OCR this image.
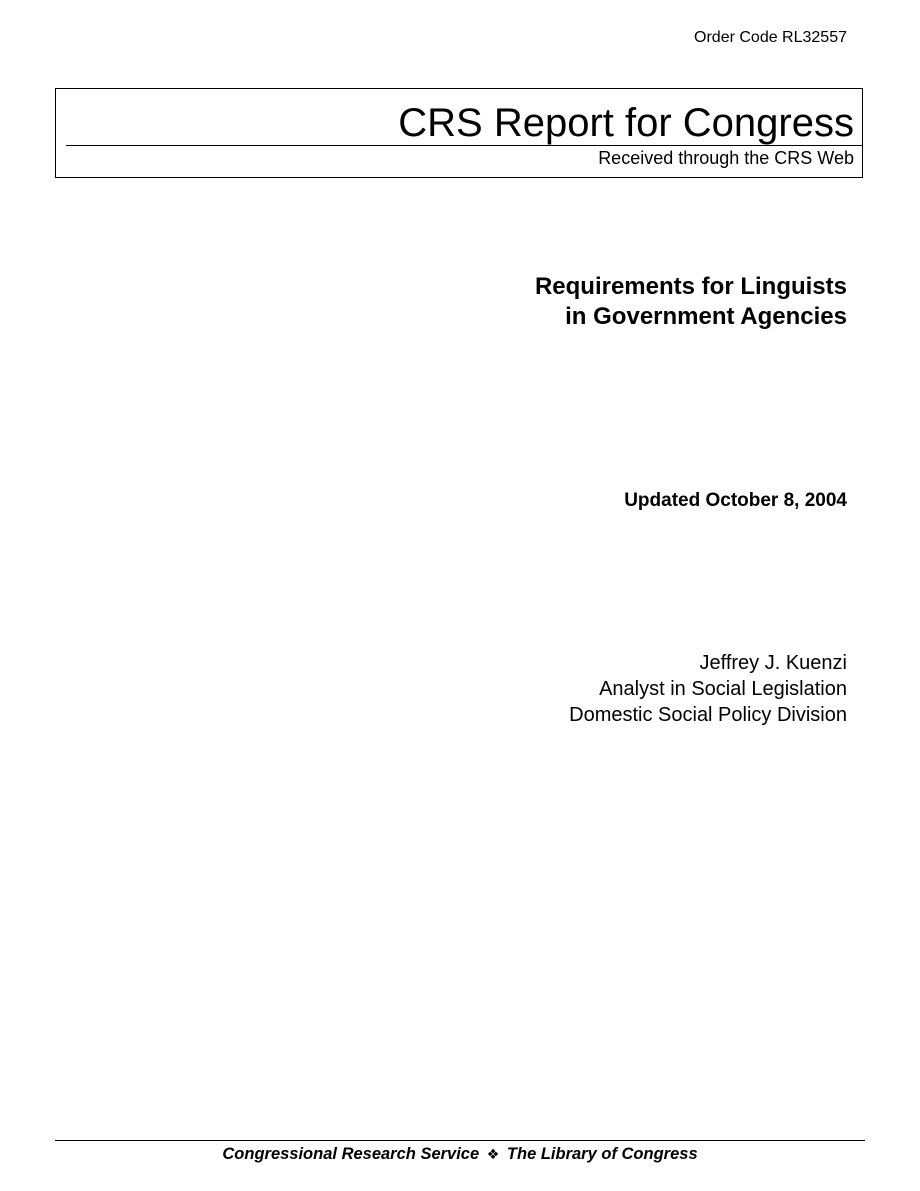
Order Code RL32557
CRS Report for Congress
Received through the CRS Web
Requirements for Linguists
in Government Agencies
Updated October 8, 2004
Jeffrey J. Kuenzi
Analyst in Social Legislation
Domestic Social Policy Division
Congressional Research Service ❖ The Library of Congress
